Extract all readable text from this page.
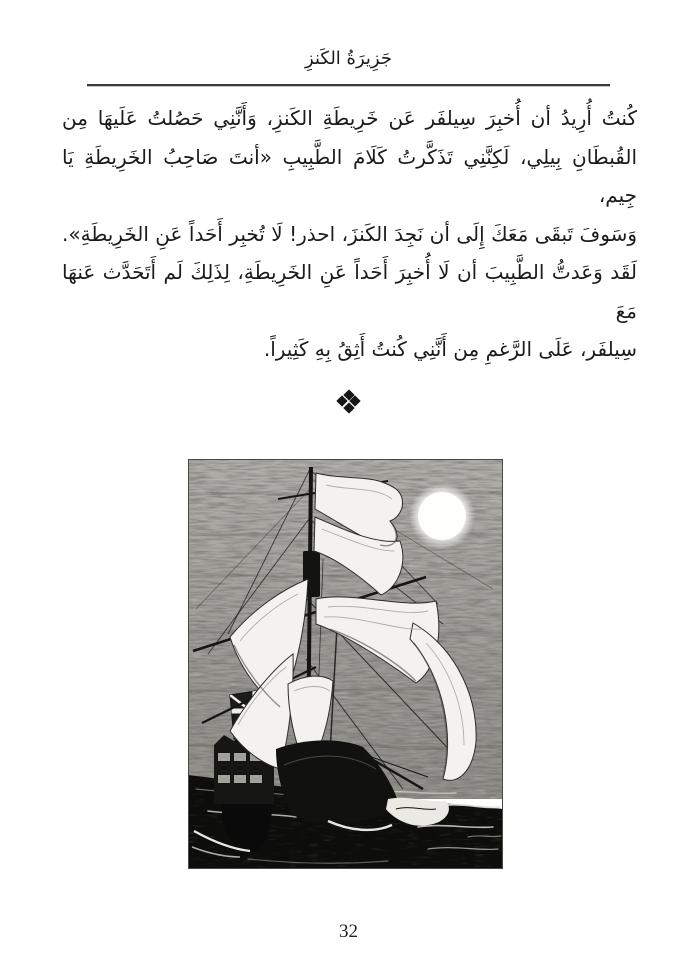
جَزِيرَةُ الكَنزِ
كُنتُ أُرِيدُ أن أُخبِرَ سِيلفَر عَن خَرِيطَةِ الكَنزِ، وَأَنَّنِي حَصُلتُ عَلَيهَا مِن
القُبطَانِ بِيلِي، لَكِنَّنِي تَذَكَّرتُ كَلَامَ الطَّبِيبِ «أنتَ صَاحِبُ الخَرِيطَةِ يَا جِيم،
وَسَوفَ تَبقَى مَعَكَ إِلَى أن نَجِدَ الكَنزَ، احذر! لَا تُخبِر أَحَداً عَنِ الخَرِيطَةِ».
لَقَد وَعَدتُّ الطَّبِيبَ أن لَا أُخبِرَ أَحَداً عَنِ الخَرِيطَةِ، لِذَلِكَ لَم أَتَحَدَّث عَنهَا مَعَ
سِيلفَر، عَلَى الرَّغمِ مِن أَنَّنِي كُنتُ أَثِقُ بِهِ كَثِيراً.
32
